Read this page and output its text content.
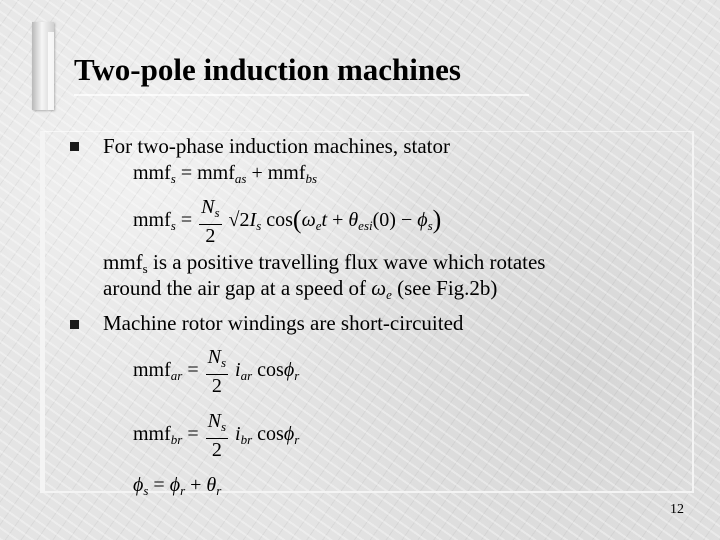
Two-pole induction machines
For two-phase induction machines, stator
mmf$_s$ = mmf$_{as}$ + mmf$_{bs}$
$mmf_s = \frac{N_s}{2} √2I_s$ $\cos(\omega_et + \theta_{esi}(0) - \phi_s)$
mmf$_s$ is a positive travelling flux wave which rotates
around the air gap at a speed of $\omega_e$ (see Fig.2b)
Machine rotor windings are short-circuited
$mmf_{ar} = \frac{N_s}{2} i_{ar}$ cosϕ$_r$
$mmf_{br} = \frac{N_s}{2} i_{br}$ cosϕ$_r$
$\phi_s = \phi_r + \theta_r$
12
